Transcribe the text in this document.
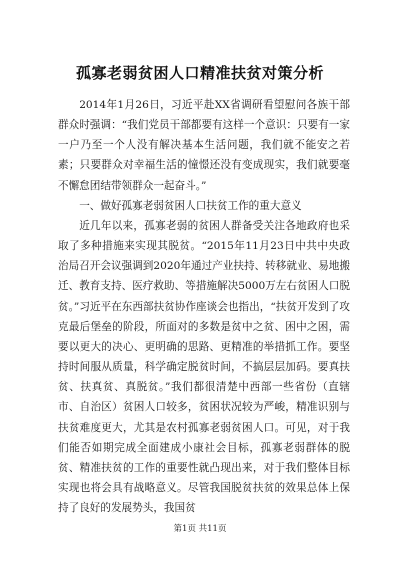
孤寡老弱贫困人口精准扶贫对策分析

2014年1月26日，习近平赴XX省调研看望慰问各族干部群众时强调：“我们党员干部都要有这样一个意识：只要有一家一户乃至一个人没有解决基本生活问题，我们就不能安之若素；只要群众对幸福生活的憧憬还没有变成现实，我们就要毫不懈怠团结带领群众一起奋斗。”

一、做好孤寡老弱贫困人口扶贫工作的重大意义

近几年以来，孤寡老弱的贫困人群备受关注各地政府也采取了多种措施来实现其脱贫。“2015年11月23日中共中央政治局召开会议强调到2020年通过产业扶持、转移就业、易地搬迁、教育支持、医疗救助、等措施解决5000万左右贫困人口脱贫。”习近平在东西部扶贫协作座谈会也指出，“扶贫开发到了攻克最后堡垒的阶段，所面对的多数是贫中之贫、困中之困，需要以更大的决心、更明确的思路、更精准的举措抓工作。要坚持时间服从质量，科学确定脱贫时间，不搞层层加码。要真扶贫、扶真贫、真脱贫。”我们都很清楚中西部一些省份（直辖市、自治区）贫困人口较多，贫困状况较为严峻，精准识别与扶贫难度更大，尤其是农村孤寡老弱贫困人口。可见，对于我们能否如期完成全面建成小康社会目标，孤寡老弱群体的脱贫、精准扶贫的工作的重要性就凸现出来，对于我们整体目标实现也将会具有战略意义。尽管我国脱贫扶贫的效果总体上保持了良好的发展势头，我国贫

第1页 共11页
